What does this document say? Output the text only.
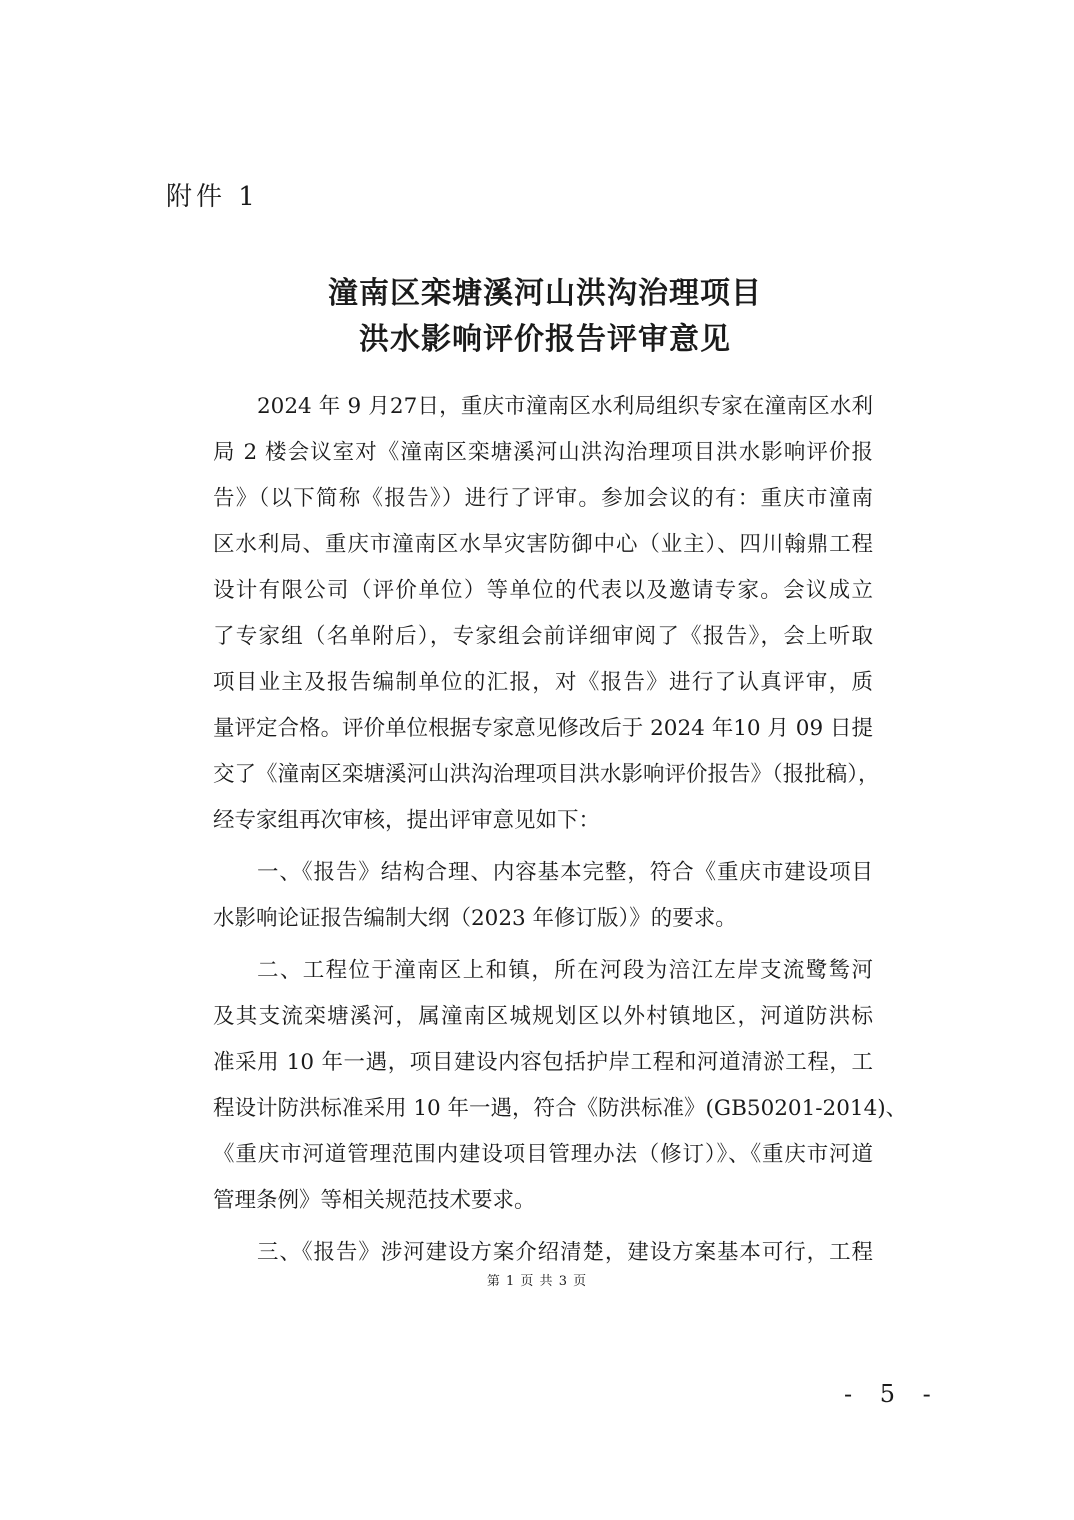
附件 1
潼南区栾塘溪河山洪沟治理项目
洪水影响评价报告评审意见
2024 年 9 月27日，重庆市潼南区水利局组织专家在潼南区水利
局 2 楼会议室对《潼南区栾塘溪河山洪沟治理项目洪水影响评价报
告》（以下简称《报告》）进行了评审。参加会议的有：重庆市潼南
区水利局、重庆市潼南区水旱灾害防御中心（业主）、四川翰鼎工程
设计有限公司（评价单位）等单位的代表以及邀请专家。会议成立
了专家组（名单附后），专家组会前详细审阅了《报告》，会上听取
项目业主及报告编制单位的汇报，对《报告》进行了认真评审，质
量评定合格。评价单位根据专家意见修改后于 2024 年10 月 09 日提
交了《潼南区栾塘溪河山洪沟治理项目洪水影响评价报告》（报批稿），
经专家组再次审核，提出评审意见如下：
一、《报告》结构合理、内容基本完整，符合《重庆市建设项目
水影响论证报告编制大纲（2023 年修订版）》的要求。
二、工程位于潼南区上和镇，所在河段为涪江左岸支流鹭鸶河
及其支流栾塘溪河，属潼南区城规划区以外村镇地区，河道防洪标
准采用 10 年一遇，项目建设内容包括护岸工程和河道清淤工程，工
程设计防洪标准采用 10 年一遇，符合《防洪标准》(GB50201-2014)、
《重庆市河道管理范围内建设项目管理办法（修订）》、《重庆市河道
管理条例》等相关规范技术要求。
三、《报告》涉河建设方案介绍清楚，建设方案基本可行，工程
第 1 页 共 3 页
- 5 -
